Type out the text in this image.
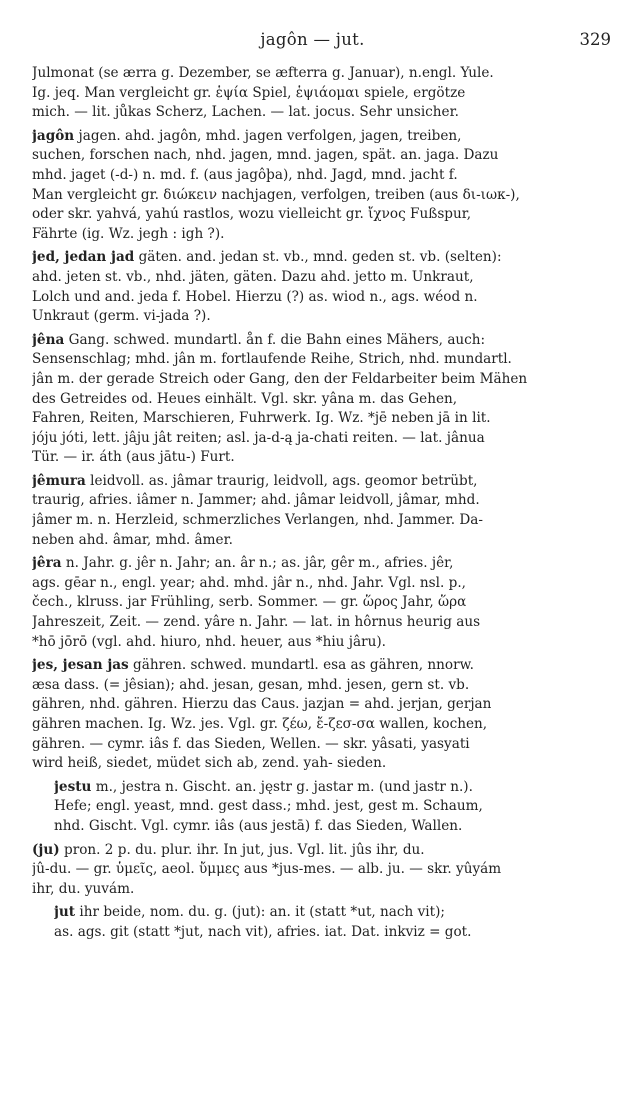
jagôn — jut.	329
Julmonat (se ærra g. Dezember, se æfterra g. Januar), n.engl. Yule.
Ig. jeq. Man vergleicht gr. ἑψία Spiel, ἑψιάομαι spiele, ergötze
mich. — lit. jůkas Scherz, Lachen. — lat. jocus. Sehr unsicher.
jagôn jagen. ahd. jagôn, mhd. jagen verfolgen, jagen, treiben,
suchen, forschen nach, nhd. jagen, mnd. jagen, spät. an. jaga. Dazu
mhd. jaget (-d-) n. md. f. (aus jagôþa), nhd. Jagd, mnd. jacht f.
Man vergleicht gr. διώκειν nachjagen, verfolgen, treiben (aus δι-ιωκ-),
oder skr. yahvá, yahú rastlos, wozu vielleicht gr. ἴχνος Fußspur,
Fährte (ig. Wz. jegh : igh ?).
jed, jedan jad gäten. and. jedan st. vb., mnd. geden st. vb. (selten):
ahd. jeten st. vb., nhd. jäten, gäten. Dazu ahd. jetto m. Unkraut,
Lolch und and. jeda f. Hobel. Hierzu (?) as. wiod n., ags. wéod n.
Unkraut (germ. vi-jada ?).
jêna Gang. schwed. mundartl. ån f. die Bahn eines Mähers, auch:
Sensenschlag; mhd. jân m. fortlaufende Reihe, Strich, nhd. mundartl.
jân m. der gerade Streich oder Gang, den der Feldarbeiter beim Mähen
des Getreides od. Heues einhält. Vgl. skr. yâna m. das Gehen,
Fahren, Reiten, Marschieren, Fuhrwerk. Ig. Wz. *jē neben jā in lit.
jóju jóti, lett. jâju jât reiten; asl. ja-d-ą ja-chati reiten. — lat. jânua
Tür. — ir. áth (aus jātu-) Furt.
jêmura leidvoll. as. jâmar traurig, leidvoll, ags. geomor betrübt,
traurig, afries. iâmer n. Jammer; ahd. jâmar leidvoll, jâmar, mhd.
jâmer m. n. Herzleid, schmerzliches Verlangen, nhd. Jammer. Da-
neben ahd. âmar, mhd. âmer.
jêra n. Jahr. g. jêr n. Jahr; an. âr n.; as. jâr, gêr m., afries. jêr,
ags. gēar n., engl. year; ahd. mhd. jâr n., nhd. Jahr. Vgl. nsl. p.,
čech., klruss. jar Frühling, serb. Sommer. — gr. ὥρος Jahr, ὥρα
Jahreszeit, Zeit. — zend. yâre n. Jahr. — lat. in hôrnus heurig aus
*hō jōrō (vgl. ahd. hiuro, nhd. heuer, aus *hiu jâru).
jes, jesan jas gähren. schwed. mundartl. esa as gähren, nnorw.
æsa dass. (= jêsian); ahd. jesan, gesan, mhd. jesen, gern st. vb.
gähren, nhd. gähren. Hierzu das Caus. jazjan = ahd. jerjan, gerjan
gähren machen. Ig. Wz. jes. Vgl. gr. ζέω, ἔ-ζεσ-σα wallen, kochen,
gähren. — cymr. iâs f. das Sieden, Wellen. — skr. yâsati, yasyati
wird heiß, siedet, müdet sich ab, zend. yah- sieden.
jestu m., jestra n. Gischt. an. jęstr g. jastar m. (und jastr n.).
Hefe; engl. yeast, mnd. gest dass.; mhd. jest, gest m. Schaum,
nhd. Gischt. Vgl. cymr. iâs (aus jestā) f. das Sieden, Wallen.
(ju) pron. 2 p. du. plur. ihr. In jut, jus. Vgl. lit. jûs ihr, du.
jû-du. — gr. ὑμεῖς, aeol. ὔμμες aus *jus-mes. — alb. ju. — skr. yûyám
ihr, du. yuvám.
jut ihr beide, nom. du. g. (jut): an. it (statt *ut, nach vit);
as. ags. git (statt *jut, nach vit), afries. iat. Dat. inkviz = got.
